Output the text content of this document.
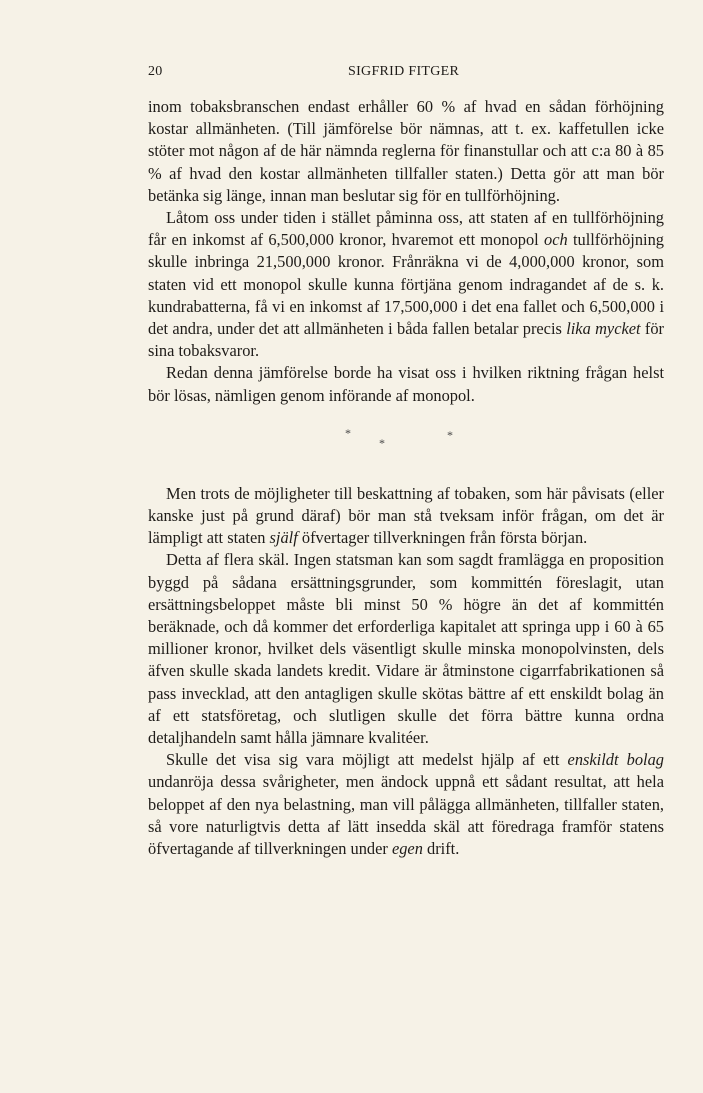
20	SIGFRID FITGER

inom tobaksbranschen endast erhåller 60 % af hvad en sådan förhöjning kostar allmänheten. (Till jämförelse bör nämnas, att t. ex. kaffetullen icke stöter mot någon af de här nämnda reglerna för finanstullar och att c:a 80 à 85 % af hvad den kostar allmänheten tillfaller staten.) Detta gör att man bör betänka sig länge, innan man beslutar sig för en tullförhöjning.

Låtom oss under tiden i stället påminna oss, att staten af en tullförhöjning får en inkomst af 6,500,000 kronor, hvaremot ett monopol och tullförhöjning skulle inbringa 21,500,000 kronor. Frånräkna vi de 4,000,000 kronor, som staten vid ett monopol skulle kunna förtjäna genom indragandet af de s. k. kundrabatterna, få vi en inkomst af 17,500,000 i det ena fallet och 6,500,000 i det andra, under det att allmänheten i båda fallen betalar precis lika mycket för sina tobaksvaror.

Redan denna jämförelse borde ha visat oss i hvilken riktning frågan helst bör lösas, nämligen genom införande af monopol.

*
*
*

Men trots de möjligheter till beskattning af tobaken, som här påvisats (eller kanske just på grund däraf) bör man stå tveksam inför frågan, om det är lämpligt att staten själf öfvertager tillverkningen från första början.

Detta af flera skäl. Ingen statsman kan som sagdt framlägga en proposition byggd på sådana ersättningsgrunder, som kommittén föreslagit, utan ersättningsbeloppet måste bli minst 50 % högre än det af kommittén beräknade, och då kommer det erforderliga kapitalet att springa upp i 60 à 65 millioner kronor, hvilket dels väsentligt skulle minska monopolvinsten, dels äfven skulle skada landets kredit. Vidare är åtminstone cigarrfabrikationen så pass invecklad, att den antagligen skulle skötas bättre af ett enskildt bolag än af ett statsföretag, och slutligen skulle det förra bättre kunna ordna detaljhandeln samt hålla jämnare kvalitéer.

Skulle det visa sig vara möjligt att medelst hjälp af ett enskildt bolag undanröja dessa svårigheter, men ändock uppnå ett sådant resultat, att hela beloppet af den nya belastning, man vill pålägga allmänheten, tillfaller staten, så vore naturligtvis detta af lätt insedda skäl att föredraga framför statens öfvertagande af tillverkningen under egen drift.
